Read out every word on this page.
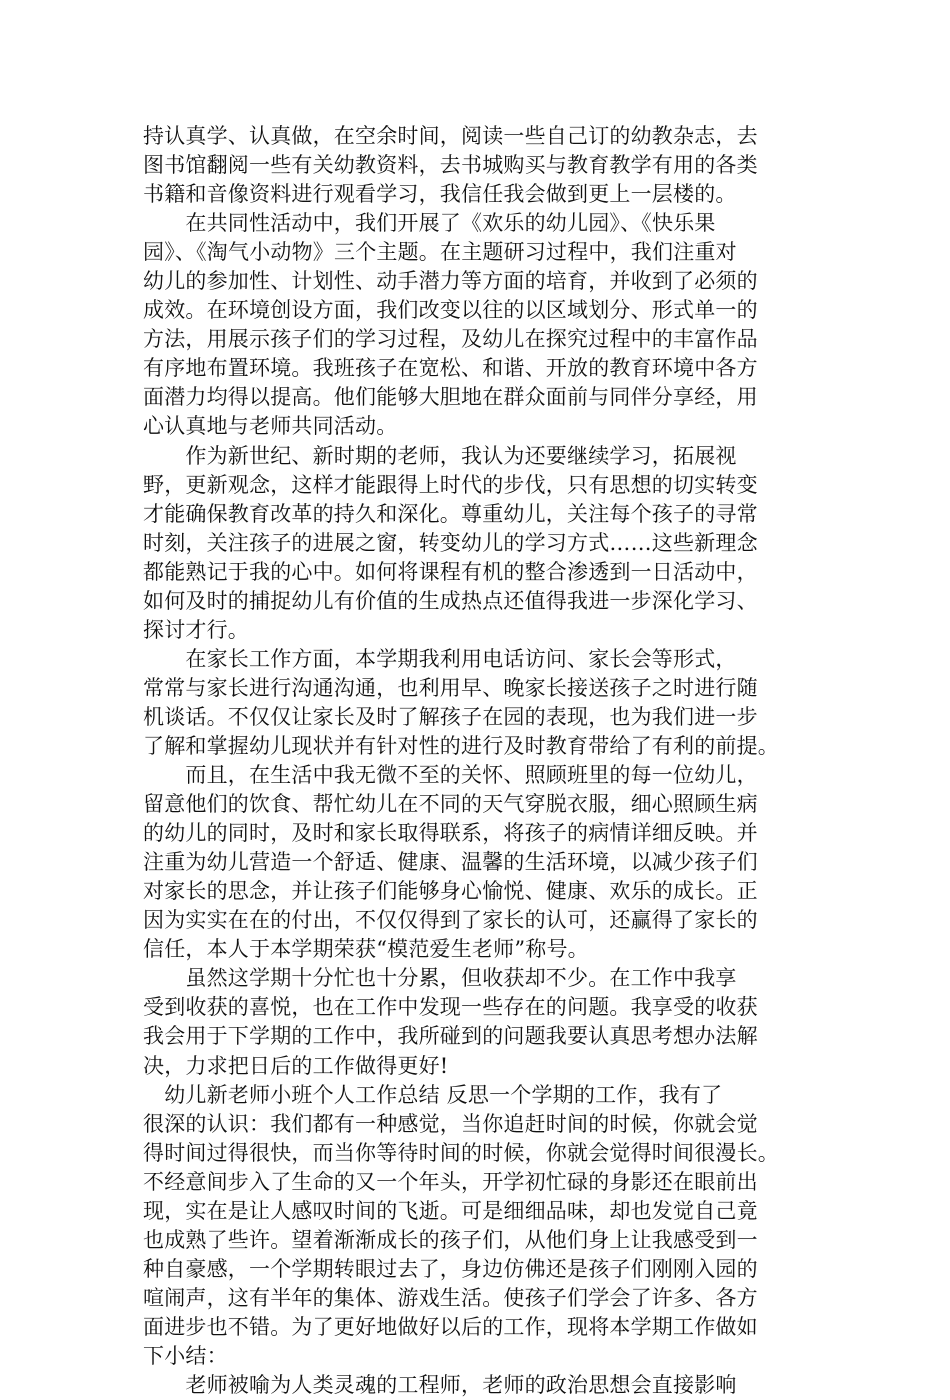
持认真学、认真做，在空余时间，阅读一些自己订的幼教杂志，去
图书馆翻阅一些有关幼教资料，去书城购买与教育教学有用的各类
书籍和音像资料进行观看学习，我信任我会做到更上一层楼的。
　　在共同性活动中，我们开展了《欢乐的幼儿园》、《快乐果
园》、《淘气小动物》三个主题。在主题研习过程中，我们注重对
幼儿的参加性、计划性、动手潜力等方面的培育，并收到了必须的
成效。在环境创设方面，我们改变以往的以区域划分、形式单一的
方法，用展示孩子们的学习过程，及幼儿在探究过程中的丰富作品
有序地布置环境。我班孩子在宽松、和谐、开放的教育环境中各方
面潜力均得以提高。他们能够大胆地在群众面前与同伴分享经，用
心认真地与老师共同活动。
　　作为新世纪、新时期的老师，我认为还要继续学习，拓展视
野，更新观念，这样才能跟得上时代的步伐，只有思想的切实转变
才能确保教育改革的持久和深化。尊重幼儿，关注每个孩子的寻常
时刻，关注孩子的进展之窗，转变幼儿的学习方式……这些新理念
都能熟记于我的心中。如何将课程有机的整合渗透到一日活动中，
如何及时的捕捉幼儿有价值的生成热点还值得我进一步深化学习、
探讨才行。
　　在家长工作方面，本学期我利用电话访问、家长会等形式，
常常与家长进行沟通沟通，也利用早、晚家长接送孩子之时进行随
机谈话。不仅仅让家长及时了解孩子在园的表现，也为我们进一步
了解和掌握幼儿现状并有针对性的进行及时教育带给了有利的前提。
　　而且，在生活中我无微不至的关怀、照顾班里的每一位幼儿，
留意他们的饮食、帮忙幼儿在不同的天气穿脱衣服，细心照顾生病
的幼儿的同时，及时和家长取得联系，将孩子的病情详细反映。并
注重为幼儿营造一个舒适、健康、温馨的生活环境，以减少孩子们
对家长的思念，并让孩子们能够身心愉悦、健康、欢乐的成长。正
因为实实在在的付出，不仅仅得到了家长的认可，还赢得了家长的
信任，本人于本学期荣获“模范爱生老师”称号。
　　虽然这学期十分忙也十分累，但收获却不少。在工作中我享
受到收获的喜悦，也在工作中发现一些存在的问题。我享受的收获
我会用于下学期的工作中，我所碰到的问题我要认真思考想办法解
决，力求把日后的工作做得更好!
　幼儿新老师小班个人工作总结 反思一个学期的工作，我有了
很深的认识：我们都有一种感觉，当你追赶时间的时候，你就会觉
得时间过得很快，而当你等待时间的时候，你就会觉得时间很漫长。
不经意间步入了生命的又一个年头，开学初忙碌的身影还在眼前出
现，实在是让人感叹时间的飞逝。可是细细品味，却也发觉自己竟
也成熟了些许。望着渐渐成长的孩子们，从他们身上让我感受到一
种自豪感，一个学期转眼过去了，身边仿佛还是孩子们刚刚入园的
喧闹声，这有半年的集体、游戏生活。使孩子们学会了许多、各方
面进步也不错。为了更好地做好以后的工作，现将本学期工作做如
下小结：
　　老师被喻为人类灵魂的工程师，老师的政治思想会直接影响
